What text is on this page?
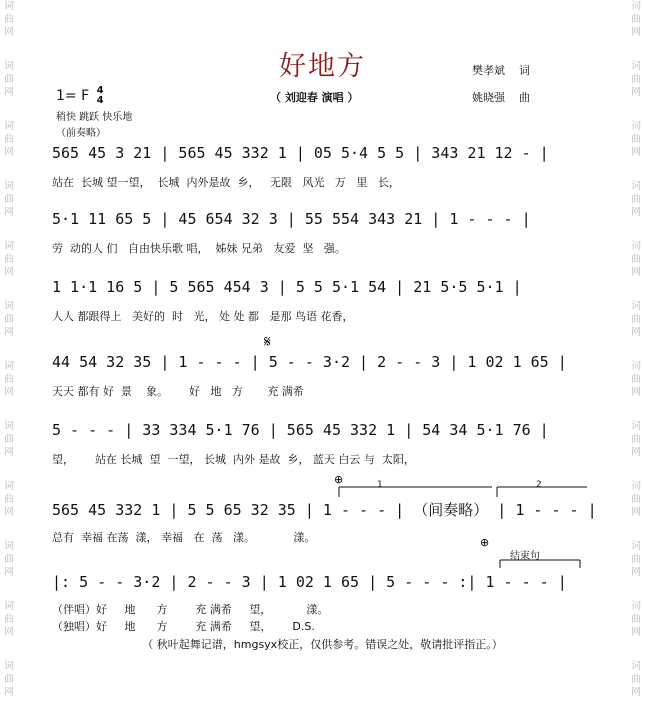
词
曲
网

词
曲
网

词
曲
网

词
曲
网

词
曲
网

词
曲
网

词
曲
网

词
曲
网

词
曲
网

词
曲
网

词
曲
网

词
曲
网

词
曲
网

词
曲
网

词
曲
网

词
曲
网

词
曲
网

词
曲
网

词
曲
网

词
曲
网

词
曲
网

词
曲
网

词
曲
网

词
曲
网

好地方	樊孝斌 词
姚晓强 曲
（ 刘迎春 演唱 ）
1= F 4
4
稍快 跳跃 快乐地
（前奏略）
565 45 3 21 | 565 45 332 1 | 05 5·4 5 5 | 343 21 12 - |
站在  长城 望一望，  长城  内外是故  乡，   无限   风光   万   里   长，
5·1 11 65 5 | 45 654 32 3 | 55 554 343 21 | 1 - - - |
劳  动的人 们   自由快乐歌 唱，  姊妹 兄弟   友爱  坚   强。
1 1·1 16 5 | 5 565 454 3 | 5 5 5·1 54 | 21 5·5 5·1 |
人人 都跟得上   美好的  时   光， 处 处 都   是那 鸟语 花香，
44 54 32 35 | 1 - - - | 5 - - 3·2 | 2 - - 3 | 1 02 1 65 |
天天 都有 好  景    象。      好   地   方       充 满希
𝄋
5 - - - | 33 334 5·1 76 | 565 45 332 1 | 54 34 5·1 76 |
望，      站在 长城  望  一望， 长城  内外 是故  乡， 蓝天 白云 与  太阳，
565 45 332 1 | 5 5 65 32 35 | 1 - - - | （间奏略） | 1 - - - |
总有  幸福 在荡  漾， 幸福   在  荡   漾。           漾。
⊕	1	2
|: 5 - - 3·2 | 2 - - 3 | 1 02 1 65 | 5 - - - :| 1 - - - |
（伴唱）好     地      方        充 满希     望，          漾。
（独唱）好     地      方        充 满希     望，      D.S.
⊕
结束句
（ 秋叶起舞记谱，hmgsyx校正，仅供参考。错误之处，敬请批评指正。）
